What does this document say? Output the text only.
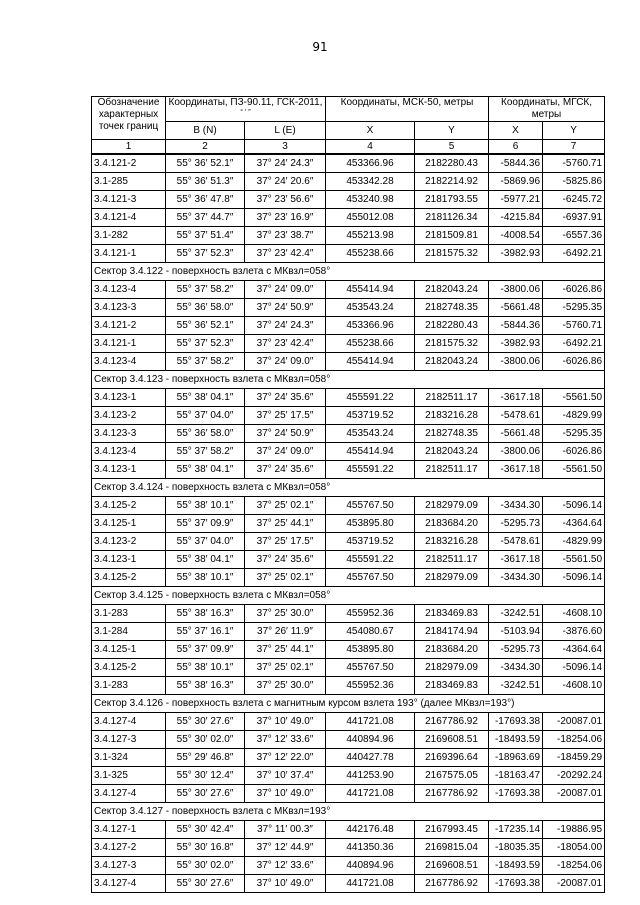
91
Обозначение характерных точек границ	Координаты, ПЗ-90.11, ГСК-2011,
° ′ ″		Координаты, МСК-50, метры		Координаты, МГСК, метры	
	B (N)	L (E)	X	Y	X	Y
1	2	3	4	5	6	7
3.4.121-2	55° 36′ 52.1″	37° 24′ 24.3″	453366.96	2182280.43	-5844.36	-5760.71
3.1-285	55° 36′ 51.3″	37° 24′ 20.6″	453342.28	2182214.92	-5869.96	-5825.86
3.4.121-3	55° 36′ 47.8″	37° 23′ 56.6″	453240.98	2181793.55	-5977.21	-6245.72
3.4.121-4	55° 37′ 44.7″	37° 23′ 16.9″	455012.08	2181126.34	-4215.84	-6937.91
3.1-282	55° 37′ 51.4″	37° 23′ 38.7″	455213.98	2181509.81	-4008.54	-6557.36
3.4.121-1	55° 37′ 52.3″	37° 23′ 42.4″	455238.66	2181575.32	-3982.93	-6492.21
Сектор 3.4.122 - поверхность взлета с МКвзл=058°						
3.4.123-4	55° 37′ 58.2″	37° 24′ 09.0″	455414.94	2182043.24	-3800.06	-6026.86
3.4.123-3	55° 36′ 58.0″	37° 24′ 50.9″	453543.24	2182748.35	-5661.48	-5295.35
3.4.121-2	55° 36′ 52.1″	37° 24′ 24.3″	453366.96	2182280.43	-5844.36	-5760.71
3.4.121-1	55° 37′ 52.3″	37° 23′ 42.4″	455238.66	2181575.32	-3982.93	-6492.21
3.4.123-4	55° 37′ 58.2″	37° 24′ 09.0″	455414.94	2182043.24	-3800.06	-6026.86
Сектор 3.4.123 - поверхность взлета с МКвзл=058°						
3.4.123-1	55° 38′ 04.1″	37° 24′ 35.6″	455591.22	2182511.17	-3617.18	-5561.50
3.4.123-2	55° 37′ 04.0″	37° 25′ 17.5″	453719.52	2183216.28	-5478.61	-4829.99
3.4.123-3	55° 36′ 58.0″	37° 24′ 50.9″	453543.24	2182748.35	-5661.48	-5295.35
3.4.123-4	55° 37′ 58.2″	37° 24′ 09.0″	455414.94	2182043.24	-3800.06	-6026.86
3.4.123-1	55° 38′ 04.1″	37° 24′ 35.6″	455591.22	2182511.17	-3617.18	-5561.50
Сектор 3.4.124 - поверхность взлета с МКвзл=058°						
3.4.125-2	55° 38′ 10.1″	37° 25′ 02.1″	455767.50	2182979.09	-3434.30	-5096.14
3.4.125-1	55° 37′ 09.9″	37° 25′ 44.1″	453895.80	2183684.20	-5295.73	-4364.64
3.4.123-2	55° 37′ 04.0″	37° 25′ 17.5″	453719.52	2183216.28	-5478.61	-4829.99
3.4.123-1	55° 38′ 04.1″	37° 24′ 35.6″	455591.22	2182511.17	-3617.18	-5561.50
3.4.125-2	55° 38′ 10.1″	37° 25′ 02.1″	455767.50	2182979.09	-3434.30	-5096.14
Сектор 3.4.125 - поверхность взлета с МКвзл=058°						
3.1-283	55° 38′ 16.3″	37° 25′ 30.0″	455952.36	2183469.83	-3242.51	-4608.10
3.1-284	55° 37′ 16.1″	37° 26′ 11.9″	454080.67	2184174.94	-5103.94	-3876.60
3.4.125-1	55° 37′ 09.9″	37° 25′ 44.1″	453895.80	2183684.20	-5295.73	-4364.64
3.4.125-2	55° 38′ 10.1″	37° 25′ 02.1″	455767.50	2182979.09	-3434.30	-5096.14
3.1-283	55° 38′ 16.3″	37° 25′ 30.0″	455952.36	2183469.83	-3242.51	-4608.10
Сектор 3.4.126 - поверхность взлета с магнитным курсом взлета 193° (далее МКвзл=193°)						
3.4.127-4	55° 30′ 27.6″	37° 10′ 49.0″	441721.08	2167786.92	-17693.38	-20087.01
3.4.127-3	55° 30′ 02.0″	37° 12′ 33.6″	440894.96	2169608.51	-18493.59	-18254.06
3.1-324	55° 29′ 46.8″	37° 12′ 22.0″	440427.78	2169396.64	-18963.69	-18459.29
3.1-325	55° 30′ 12.4″	37° 10′ 37.4″	441253.90	2167575.05	-18163.47	-20292.24
3.4.127-4	55° 30′ 27.6″	37° 10′ 49.0″	441721.08	2167786.92	-17693.38	-20087.01
Сектор 3.4.127 - поверхность взлета с МКвзл=193°						
3.4.127-1	55° 30′ 42.4″	37° 11′ 00.3″	442176.48	2167993.45	-17235.14	-19886.95
3.4.127-2	55° 30′ 16.8″	37° 12′ 44.9″	441350.36	2169815.04	-18035.35	-18054.00
3.4.127-3	55° 30′ 02.0″	37° 12′ 33.6″	440894.96	2169608.51	-18493.59	-18254.06
3.4.127-4	55° 30′ 27.6″	37° 10′ 49.0″	441721.08	2167786.92	-17693.38	-20087.01
